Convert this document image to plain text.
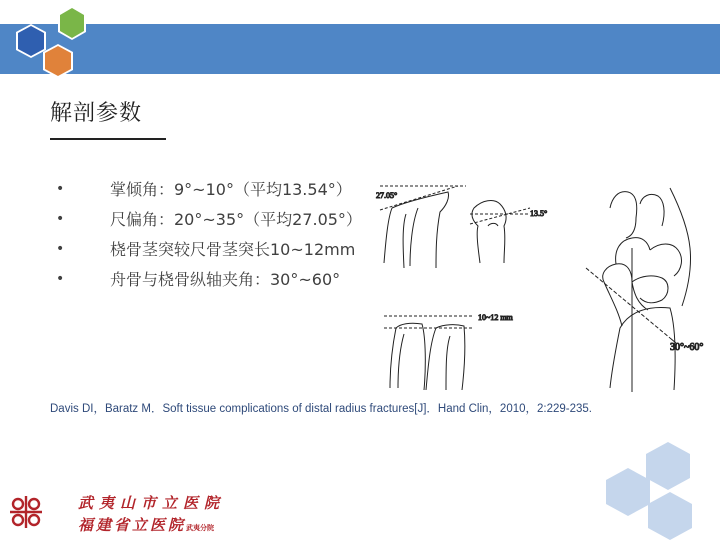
解剖参数
•	掌倾角：9°~10°（平均13.54°）
•	尺偏角：20°~35°（平均27.05°）
•	桡骨茎突较尺骨茎突长10~12mm
•	舟骨与桡骨纵轴夹角：30°~60°
27.05°
13.5°
10~12 mm
30°~60°
Davis DI，Baratz M．Soft tissue complications of distal radius fractures[J]．Hand Clin，2010，2:229-235.
武夷山市立医院
福建省立医院武夷分院
